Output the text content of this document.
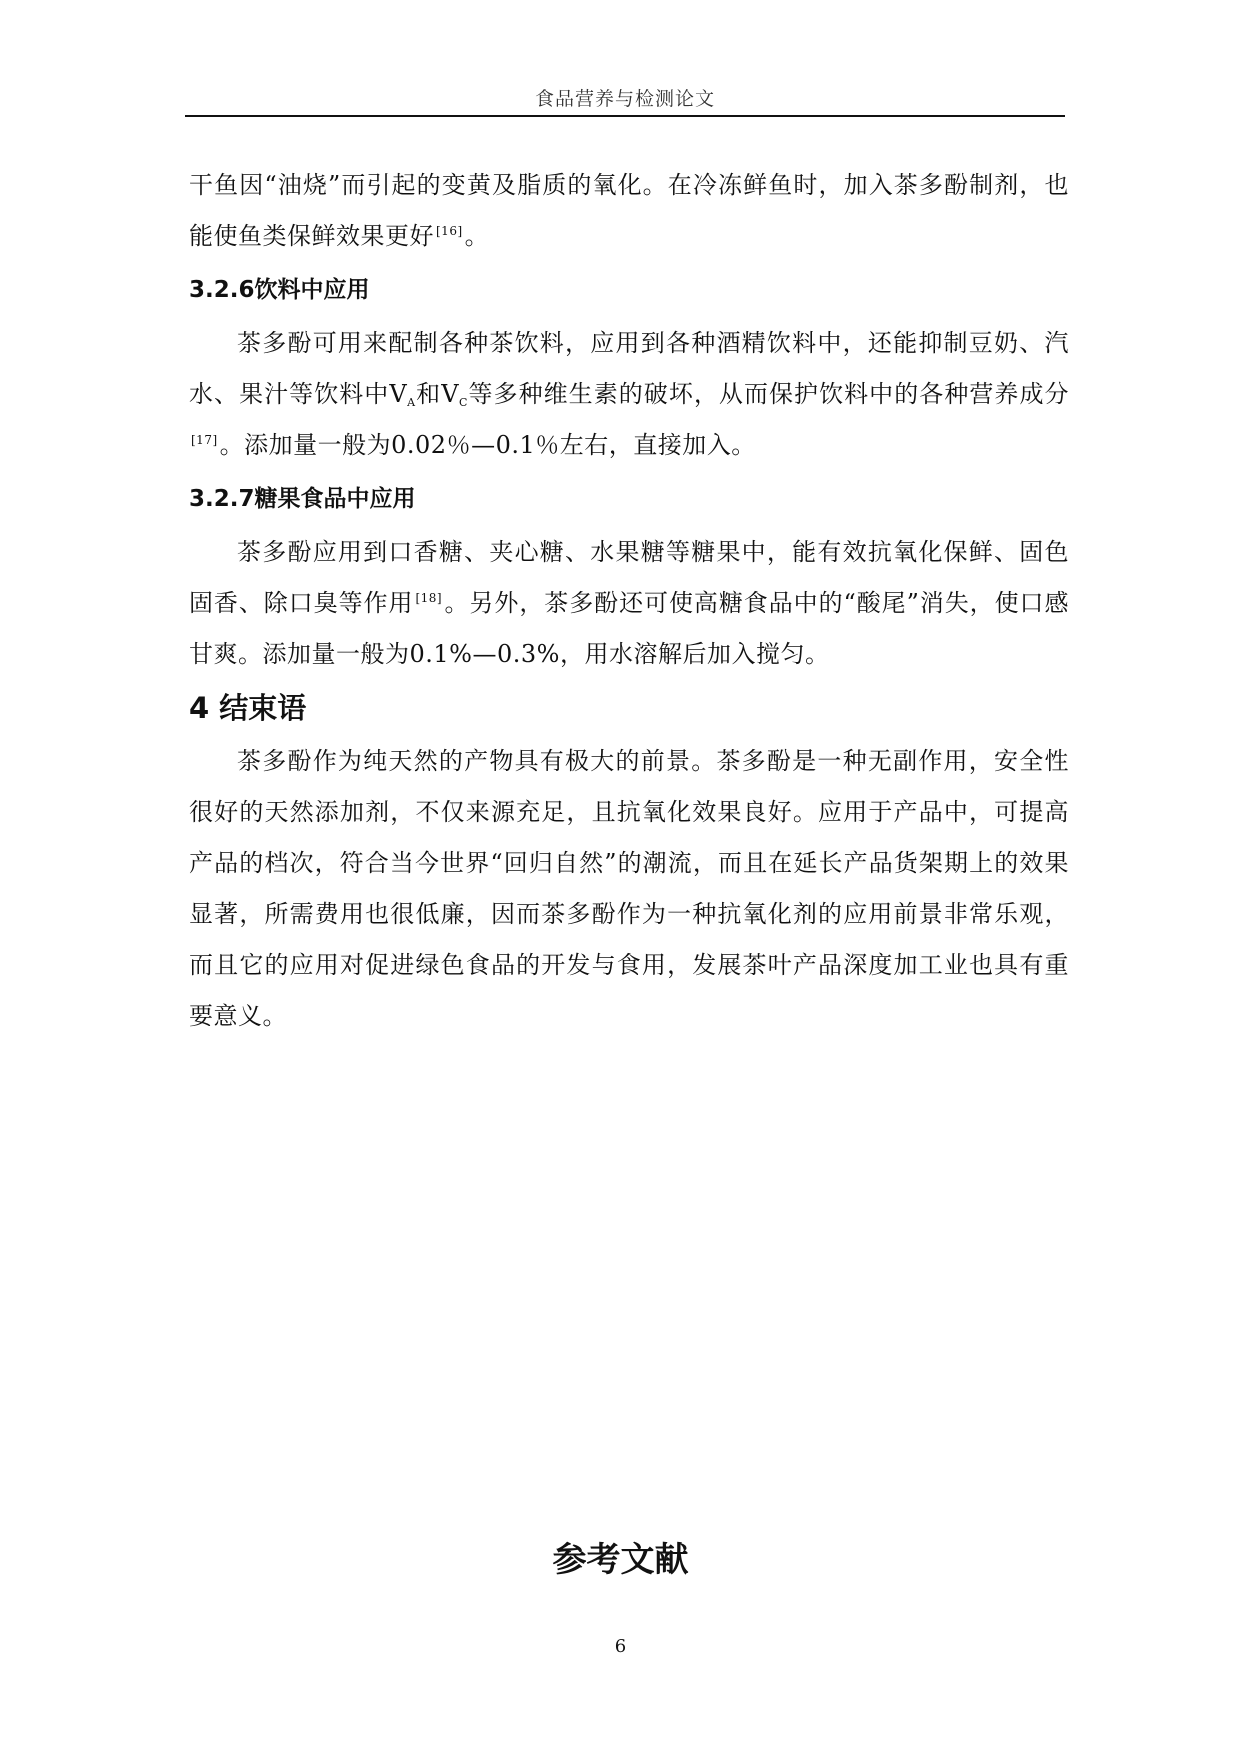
食品营养与检测论文

干鱼因“油烧”而引起的变黄及脂质的氧化。在冷冻鲜鱼时，加入茶多酚制剂，也能使鱼类保鲜效果更好 [16]。

3.2.6饮料中应用

茶多酚可用来配制各种茶饮料，应用到各种酒精饮料中，还能抑制豆奶、汽水、果汁等饮料中$V_A$和$V_C$等多种维生素的破坏，从而保护饮料中的各种营养成分[17]。添加量一般为0.02％—0.1％左右，直接加入。

3.2.7糖果食品中应用

茶多酚应用到口香糖、夹心糖、水果糖等糖果中，能有效抗氧化保鲜、固色固香、除口臭等作用 [18]。另外，茶多酚还可使高糖食品中的“酸尾”消失，使口感甘爽。添加量一般为0.1%—0.3%，用水溶解后加入搅匀。

4 结束语

茶多酚作为纯天然的产物具有极大的前景。茶多酚是一种无副作用，安全性很好的天然添加剂，不仅来源充足，且抗氧化效果良好。应用于产品中，可提高产品的档次，符合当今世界“回归自然”的潮流，而且在延长产品货架期上的效果显著，所需费用也很低廉，因而茶多酚作为一种抗氧化剂的应用前景非常乐观，而且它的应用对促进绿色食品的开发与食用，发展茶叶产品深度加工业也具有重要意义。

参考文献
6
